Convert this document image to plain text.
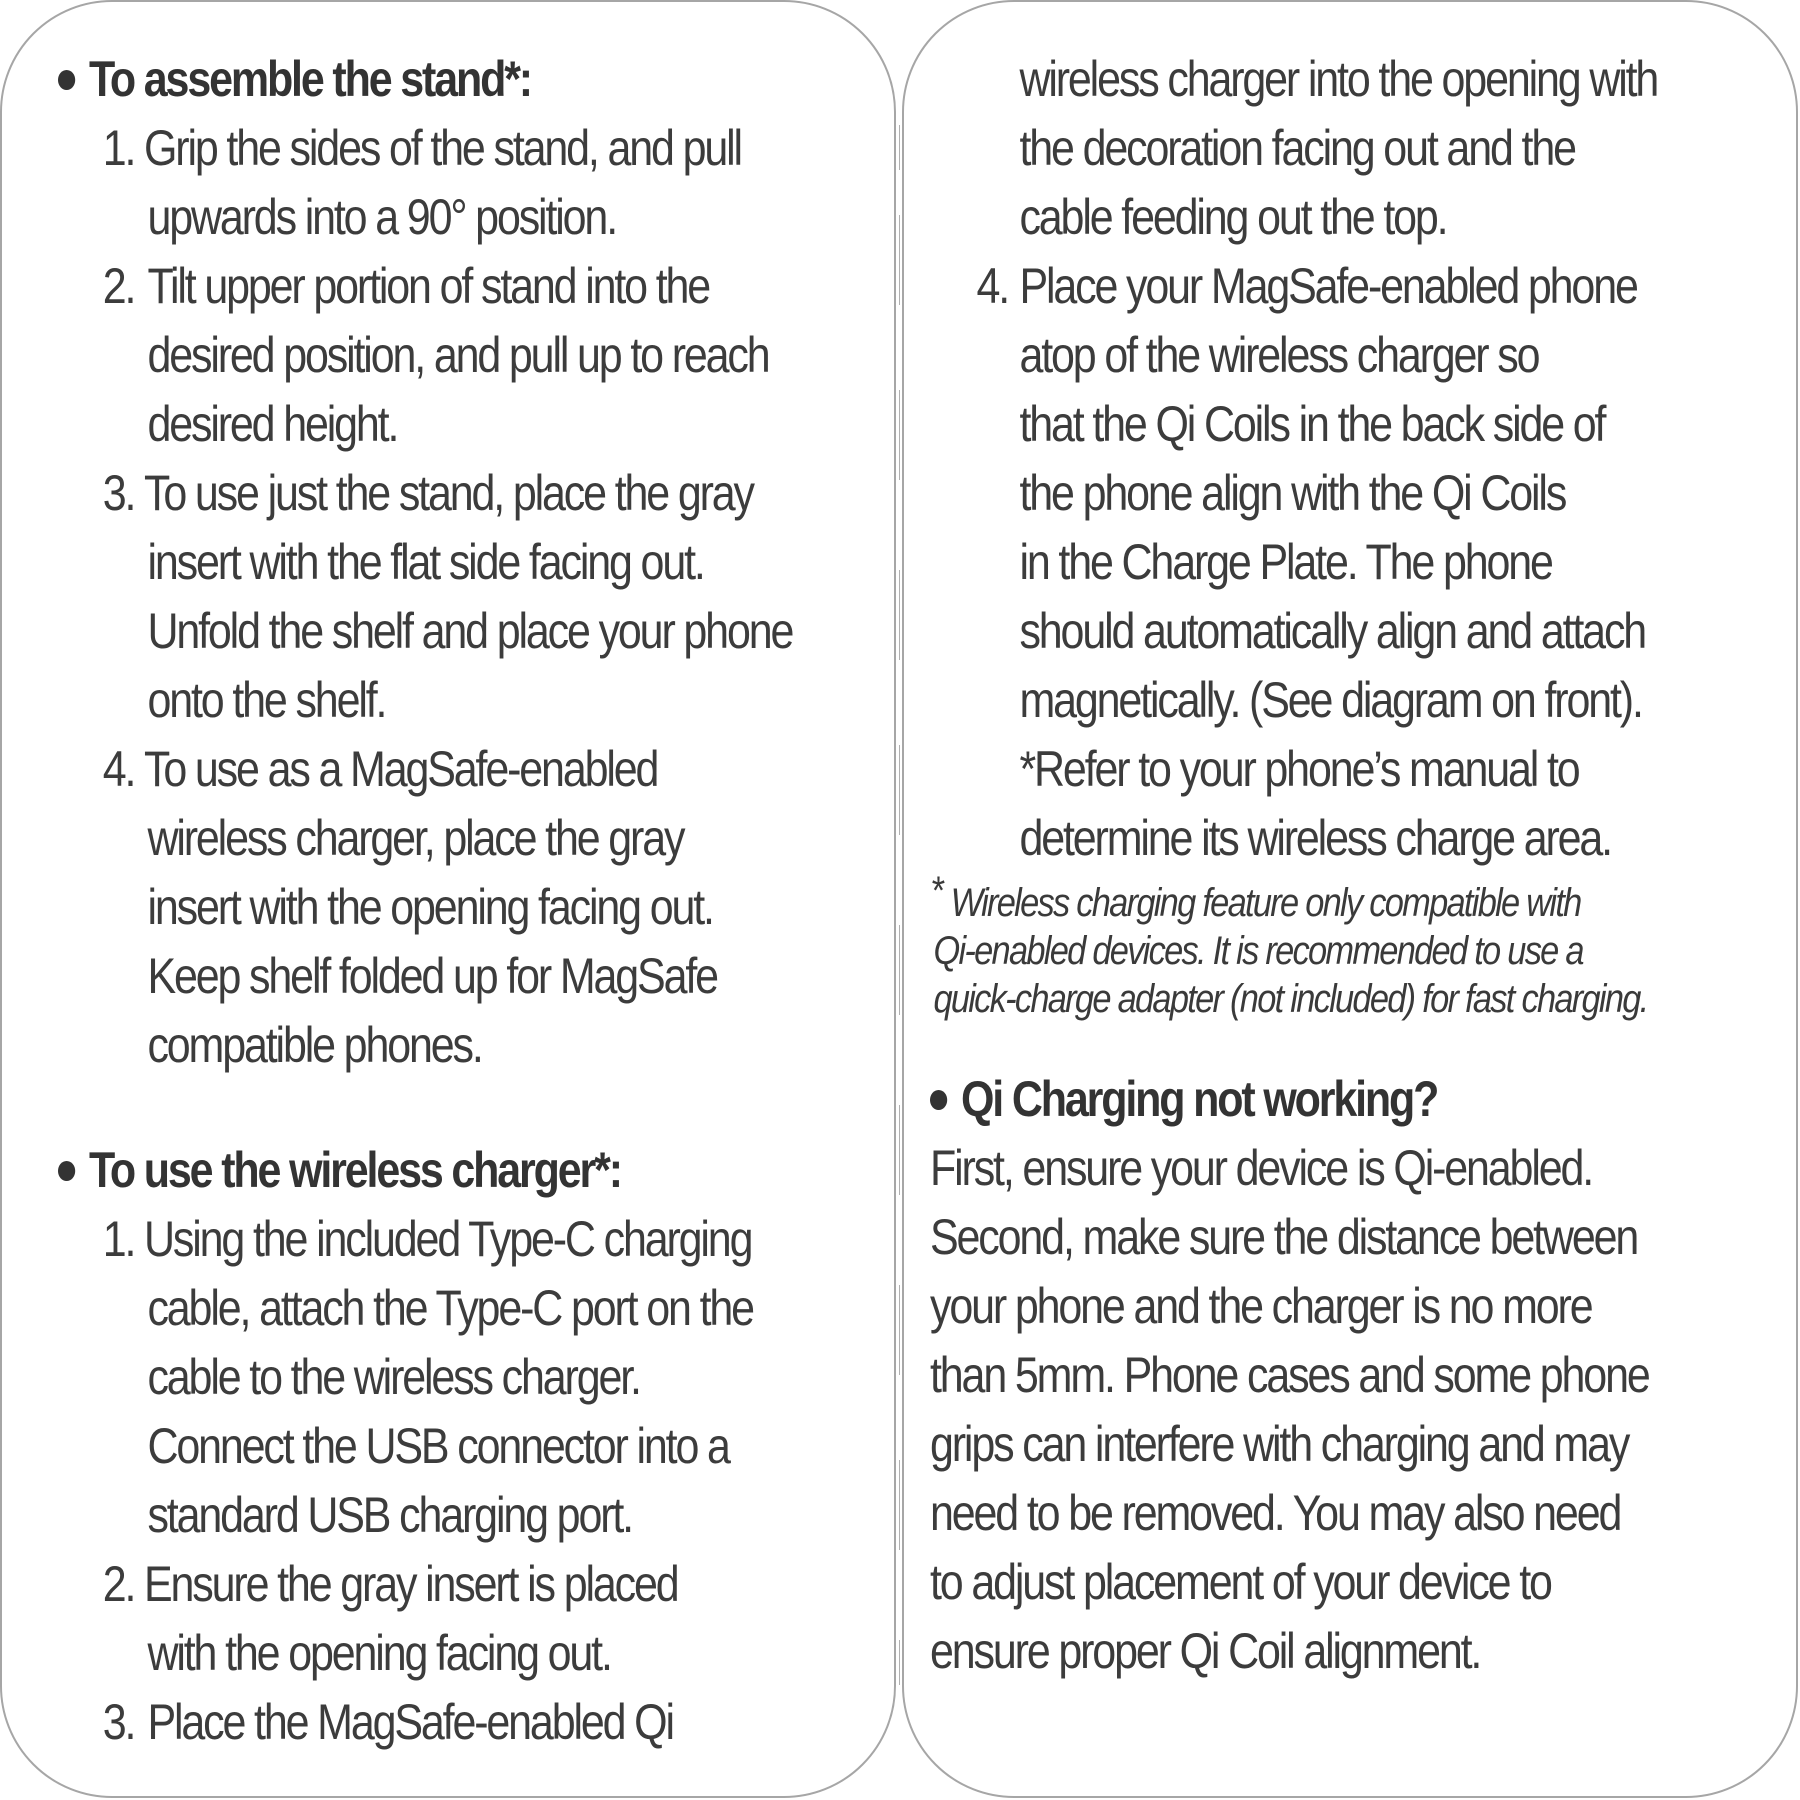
To assemble the stand*:
1. Grip the sides of the stand, and pull
upwards into a 90° position.
2. Tilt upper portion of stand into the
desired position, and pull up to reach
desired height.
3. To use just the stand, place the gray
insert with the flat side facing out.
Unfold the shelf and place your phone
onto the shelf.
4. To use as a MagSafe-enabled
wireless charger, place the gray
insert with the opening facing out.
Keep shelf folded up for MagSafe
compatible phones.
To use the wireless charger*:
1. Using the included Type-C charging
cable, attach the Type-C port on the
cable to the wireless charger.
Connect the USB connector into a
standard USB charging port.
2. Ensure the gray insert is placed
with the opening facing out.
3. Place the MagSafe-enabled Qi
wireless charger into the opening with
the decoration facing out and the
cable feeding out the top.
4. Place your MagSafe-enabled phone
atop of the wireless charger so
that the Qi Coils in the back side of
the phone align with the Qi Coils
in the Charge Plate. The phone
should automatically align and attach
magnetically. (See diagram on front).
*Refer to your phone’s manual to
determine its wireless charge area.
* Wireless charging feature only compatible with
Qi-enabled devices. It is recommended to use a
quick-charge adapter (not included) for fast charging.
Qi Charging not working?
First, ensure your device is Qi-enabled.
Second, make sure the distance between
your phone and the charger is no more
than 5mm. Phone cases and some phone
grips can interfere with charging and may
need to be removed. You may also need
to adjust placement of your device to
ensure proper Qi Coil alignment.
